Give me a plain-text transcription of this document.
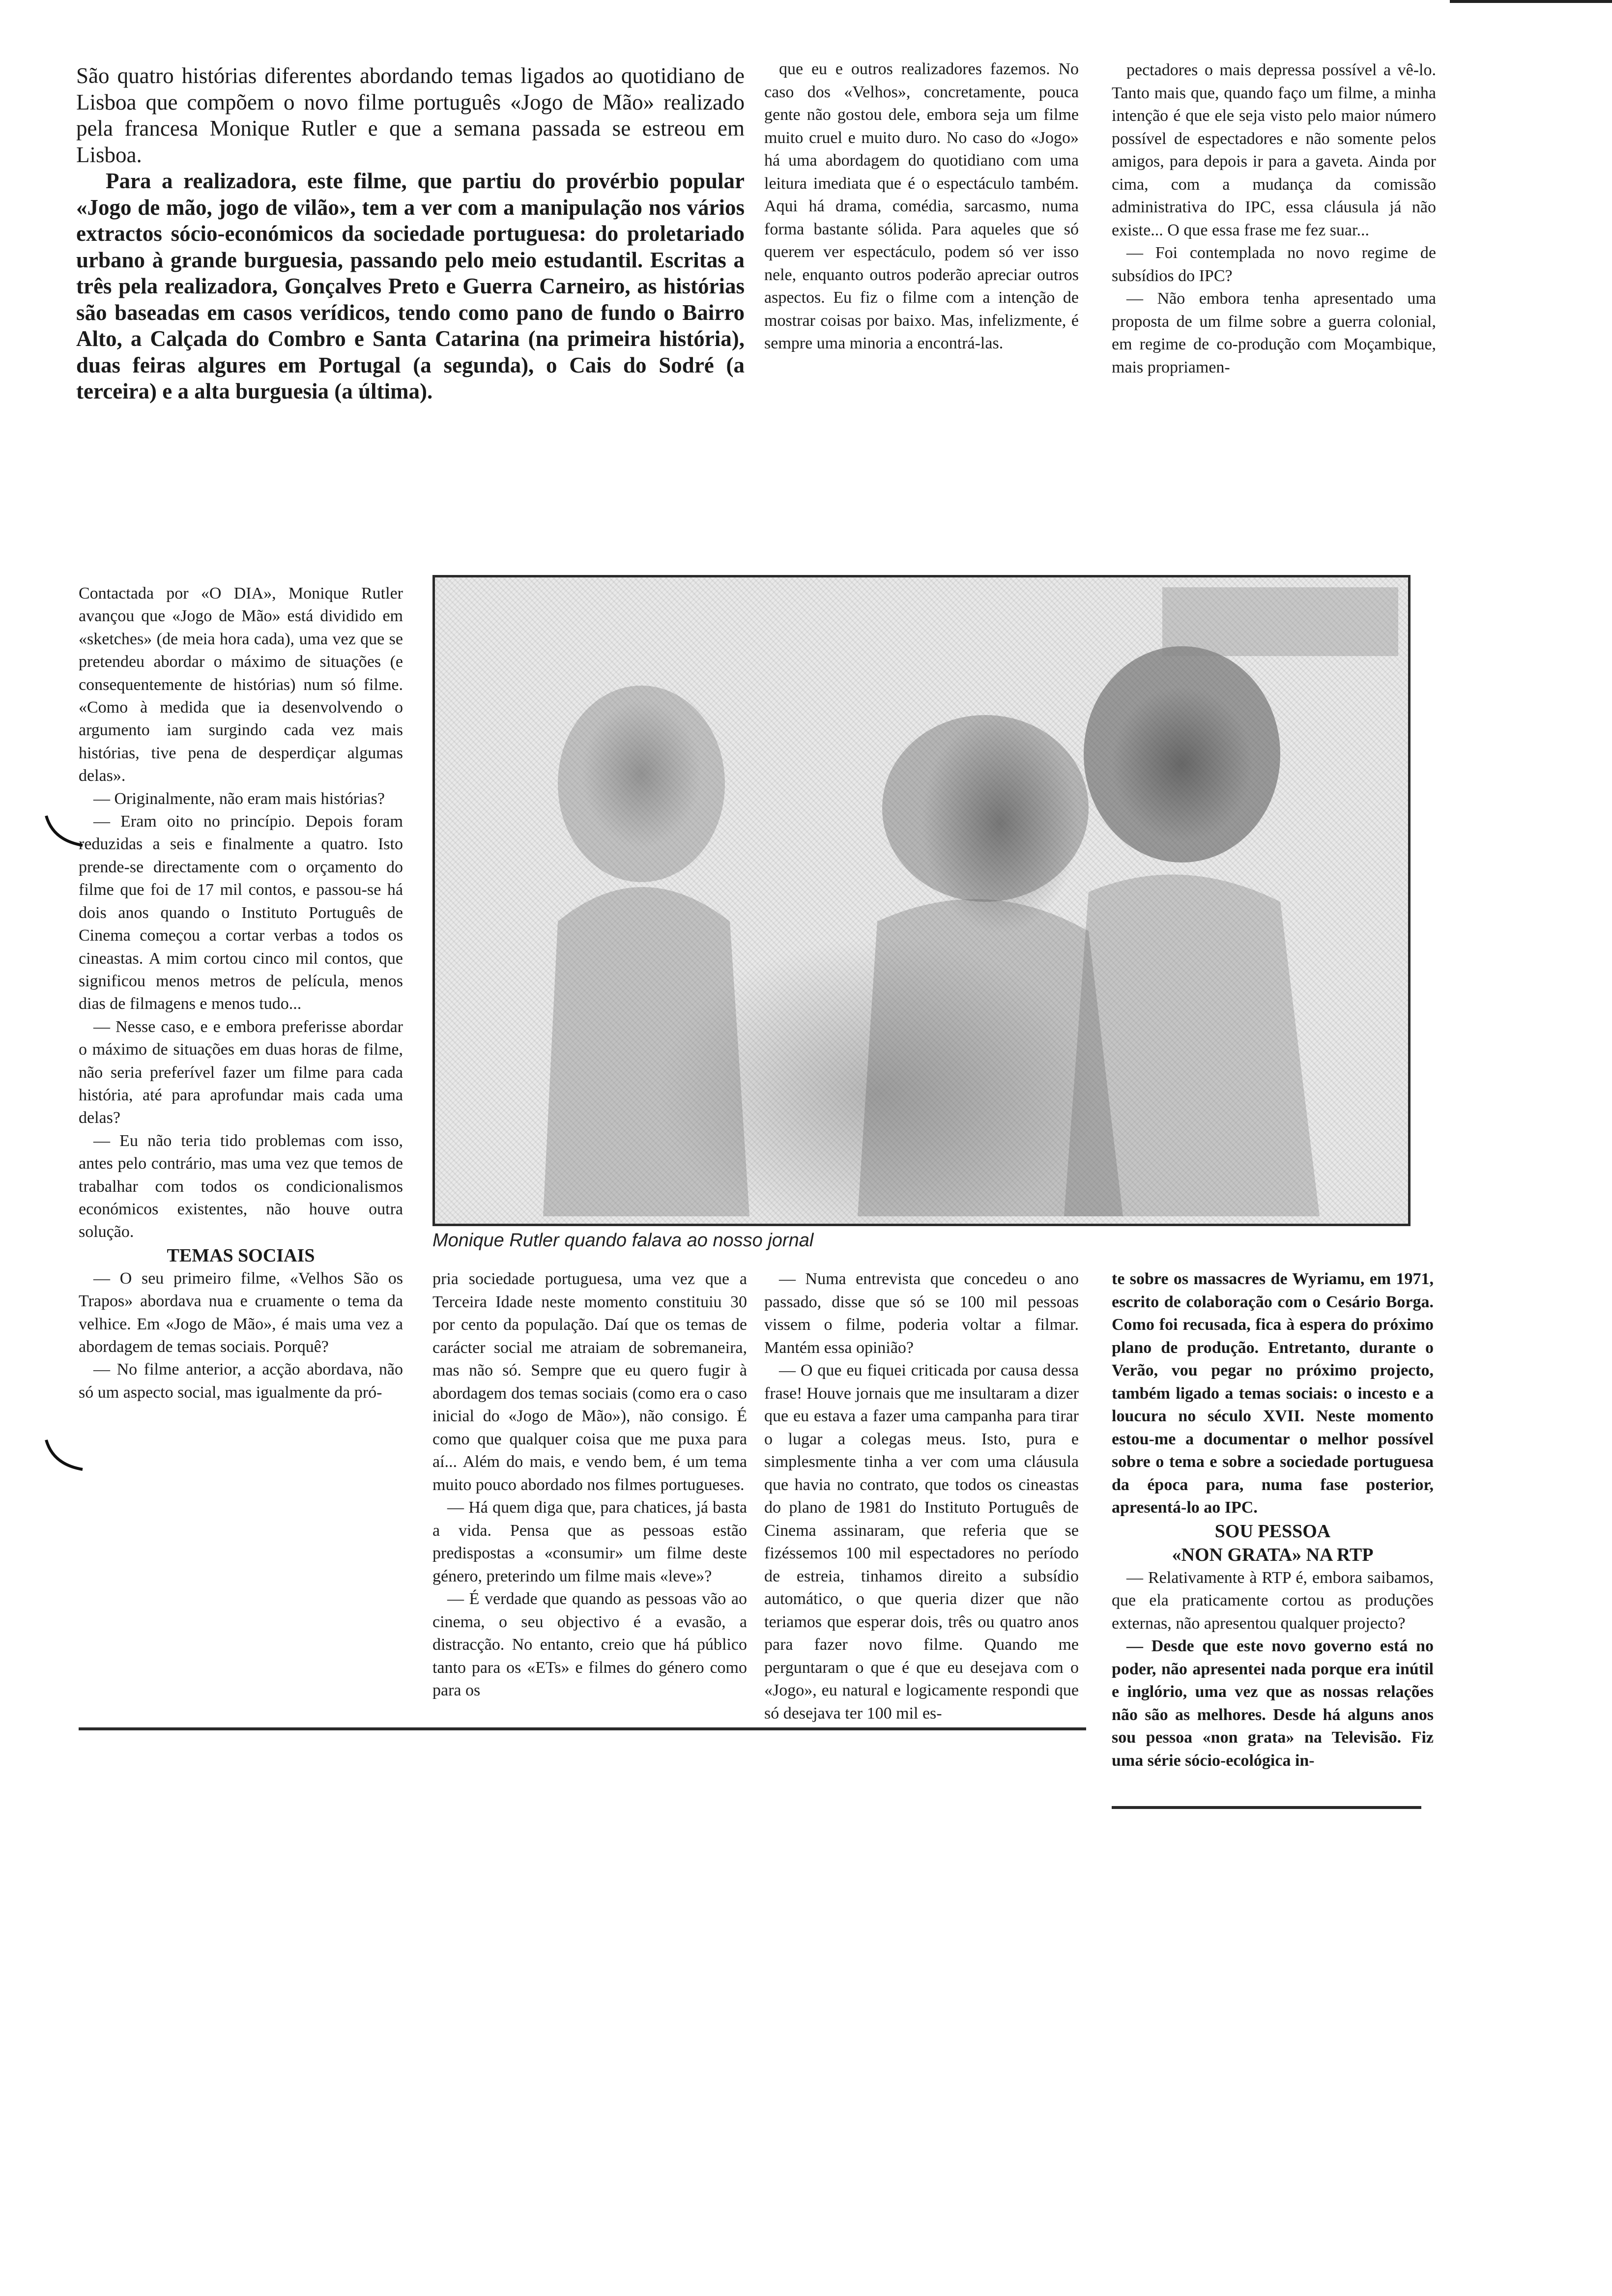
São quatro histórias diferentes abordando temas ligados ao quotidiano de Lisboa que compõem o novo filme português «Jogo de Mão» realizado pela francesa Monique Rutler e que a semana passada se estreou em Lisboa.

Para a realizadora, este filme, que partiu do provérbio popular «Jogo de mão, jogo de vilão», tem a ver com a manipulação nos vários extractos sócio-económicos da sociedade portuguesa: do proletariado urbano à grande burguesia, passando pelo meio estudantil. Escritas a três pela realizadora, Gonçalves Preto e Guerra Carneiro, as histórias são baseadas em casos verídicos, tendo como pano de fundo o Bairro Alto, a Calçada do Combro e Santa Catarina (na primeira história), duas feiras algures em Portugal (a segunda), o Cais do Sodré (a terceira) e a alta burguesia (a última).

que eu e outros realizadores fazemos. No caso dos «Velhos», concretamente, pouca gente não gostou dele, embora seja um filme muito cruel e muito duro. No caso do «Jogo» há uma abordagem do quotidiano com uma leitura imediata que é o espectáculo também. Aqui há drama, comédia, sarcasmo, numa forma bastante sólida. Para aqueles que só querem ver espectáculo, podem só ver isso nele, enquanto outros poderão apreciar outros aspectos. Eu fiz o filme com a intenção de mostrar coisas por baixo. Mas, infelizmente, é sempre uma minoria a encontrá-las.

pectadores o mais depressa possível a vê-lo. Tanto mais que, quando faço um filme, a minha intenção é que ele seja visto pelo maior número possível de espectadores e não somente pelos amigos, para depois ir para a gaveta. Ainda por cima, com a mudança da comissão administrativa do IPC, essa cláusula já não existe... O que essa frase me fez suar...

— Foi contemplada no novo regime de subsídios do IPC?

— Não embora tenha apresentado uma proposta de um filme sobre a guerra colonial, em regime de co-produção com Moçambique, mais propriamen-

Monique Rutler quando falava ao nosso jornal

Contactada por «O DIA», Monique Rutler avançou que «Jogo de Mão» está dividido em «sketches» (de meia hora cada), uma vez que se pretendeu abordar o máximo de situações (e consequentemente de histórias) num só filme. «Como à medida que ia desenvolvendo o argumento iam surgindo cada vez mais histórias, tive pena de desperdiçar algumas delas».

— Originalmente, não eram mais histórias?

— Eram oito no princípio. Depois foram reduzidas a seis e finalmente a quatro. Isto prende-se directamente com o orçamento do filme que foi de 17 mil contos, e passou-se há dois anos quando o Instituto Português de Cinema começou a cortar verbas a todos os cineastas. A mim cortou cinco mil contos, que significou menos metros de película, menos dias de filmagens e menos tudo...

— Nesse caso, e e embora preferisse abordar o máximo de situações em duas horas de filme, não seria preferível fazer um filme para cada história, até para aprofundar mais cada uma delas?

— Eu não teria tido problemas com isso, antes pelo contrário, mas uma vez que temos de trabalhar com todos os condicionalismos económicos existentes, não houve outra solução.

TEMAS SOCIAIS

— O seu primeiro filme, «Velhos São os Trapos» abordava nua e cruamente o tema da velhice. Em «Jogo de Mão», é mais uma vez a abordagem de temas sociais. Porquê?

— No filme anterior, a acção abordava, não só um aspecto social, mas igualmente da pró-

pria sociedade portuguesa, uma vez que a Terceira Idade neste momento constituiu 30 por cento da população. Daí que os temas de carácter social me atraiam de sobremaneira, mas não só. Sempre que eu quero fugir à abordagem dos temas sociais (como era o caso inicial do «Jogo de Mão»), não consigo. É como que qualquer coisa que me puxa para aí... Além do mais, e vendo bem, é um tema muito pouco abordado nos filmes portugueses.

— Há quem diga que, para chatices, já basta a vida. Pensa que as pessoas estão predispostas a «consumir» um filme deste género, preterindo um filme mais «leve»?

— É verdade que quando as pessoas vão ao cinema, o seu objectivo é a evasão, a distracção. No entanto, creio que há público tanto para os «ETs» e filmes do género como para os

— Numa entrevista que concedeu o ano passado, disse que só se 100 mil pessoas vissem o filme, poderia voltar a filmar. Mantém essa opinião?

— O que eu fiquei criticada por causa dessa frase! Houve jornais que me insultaram a dizer que eu estava a fazer uma campanha para tirar o lugar a colegas meus. Isto, pura e simplesmente tinha a ver com uma cláusula que havia no contrato, que todos os cineastas do plano de 1981 do Instituto Português de Cinema assinaram, que referia que se fizéssemos 100 mil espectadores no período de estreia, tinhamos direito a subsídio automático, o que queria dizer que não teriamos que esperar dois, três ou quatro anos para fazer novo filme. Quando me perguntaram o que é que eu desejava com o «Jogo», eu natural e logicamente respondi que só desejava ter 100 mil es-

te sobre os massacres de Wyriamu, em 1971, escrito de colaboração com o Cesário Borga. Como foi recusada, fica à espera do próximo plano de produção. Entretanto, durante o Verão, vou pegar no próximo projecto, também ligado a temas sociais: o incesto e a loucura no século XVII. Neste momento estou-me a documentar o melhor possível sobre o tema e sobre a sociedade portuguesa da época para, numa fase posterior, apresentá-lo ao IPC.

SOU PESSOA

«NON GRATA» NA RTP

— Relativamente à RTP é, embora saibamos, que ela praticamente cortou as produções externas, não apresentou qualquer projecto?

— Desde que este novo governo está no poder, não apresentei nada porque era inútil e inglório, uma vez que as nossas relações não são as melhores. Desde há alguns anos sou pessoa «non grata» na Televisão. Fiz uma série sócio-ecológica in-
